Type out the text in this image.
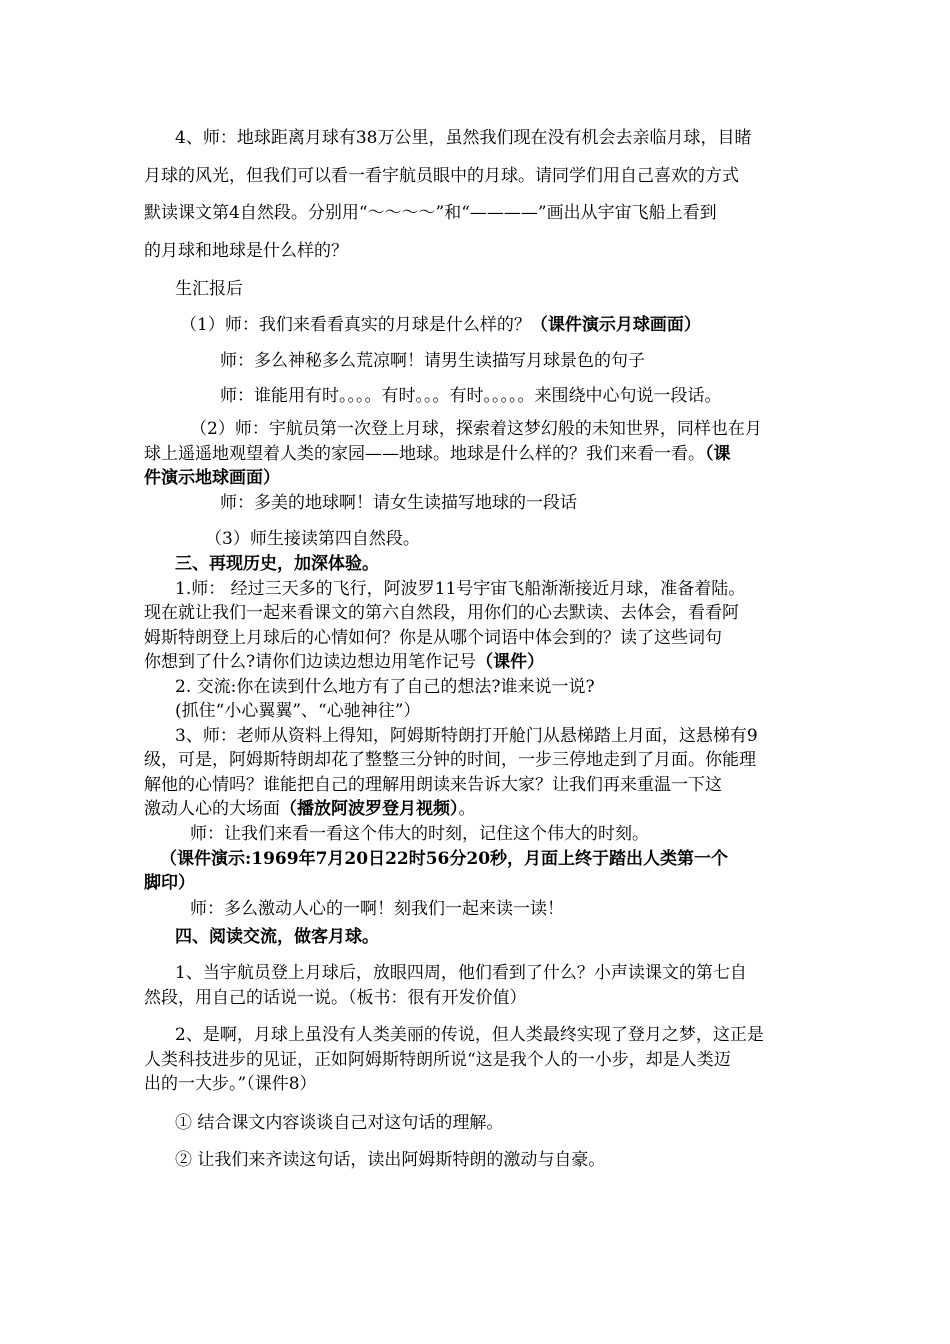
4、师：地球距离月球有38万公里，虽然我们现在没有机会去亲临月球，目睹
月球的风光，但我们可以看一看宇航员眼中的月球。请同学们用自己喜欢的方式
默读课文第4自然段。分别用“～～～～”和“————”画出从宇宙飞船上看到
的月球和地球是什么样的？
生汇报后
（1）师：我们来看看真实的月球是什么样的？（课件演示月球画面）
师：多么神秘多么荒凉啊！请男生读描写月球景色的句子
师：谁能用有时。。。。有时。。。有时。。。。。来围绕中心句说一段话。
（2）师：宇航员第一次登上月球，探索着这梦幻般的未知世界，同样也在月
球上遥遥地观望着人类的家园——地球。地球是什么样的？我们来看一看。（课
件演示地球画面）
师：多美的地球啊！请女生读描写地球的一段话
（3）师生接读第四自然段。
三、再现历史，加深体验。
1.师： 经过三天多的飞行，阿波罗11号宇宙飞船渐渐接近月球，准备着陆。
现在就让我们一起来看课文的第六自然段，用你们的心去默读、去体会，看看阿
姆斯特朗登上月球后的心情如何？你是从哪个词语中体会到的？读了这些词句
你想到了什么?请你们边读边想边用笔作记号（课件）
2. 交流:你在读到什么地方有了自己的想法?谁来说一说?
(抓住“小心翼翼”、“心驰神往”）
3、师：老师从资料上得知，阿姆斯特朗打开舱门从悬梯踏上月面，这悬梯有9
级，可是，阿姆斯特朗却花了整整三分钟的时间，一步三停地走到了月面。你能理
解他的心情吗？谁能把自己的理解用朗读来告诉大家？让我们再来重温一下这
激动人心的大场面（播放阿波罗登月视频）。
师：让我们来看一看这个伟大的时刻，记住这个伟大的时刻。
（课件演示:1969年7月20日22时56分20秒，月面上终于踏出人类第一个
脚印）
师：多么激动人心的一啊！刻我们一起来读一读！
四、阅读交流，做客月球。
1、当宇航员登上月球后，放眼四周，他们看到了什么？小声读课文的第七自
然段，用自己的话说一说。（板书：很有开发价值）
2、是啊，月球上虽没有人类美丽的传说，但人类最终实现了登月之梦，这正是
人类科技进步的见证，正如阿姆斯特朗所说“这是我个人的一小步，却是人类迈
出的一大步。”（课件8）
① 结合课文内容谈谈自己对这句话的理解。
② 让我们来齐读这句话，读出阿姆斯特朗的激动与自豪。
